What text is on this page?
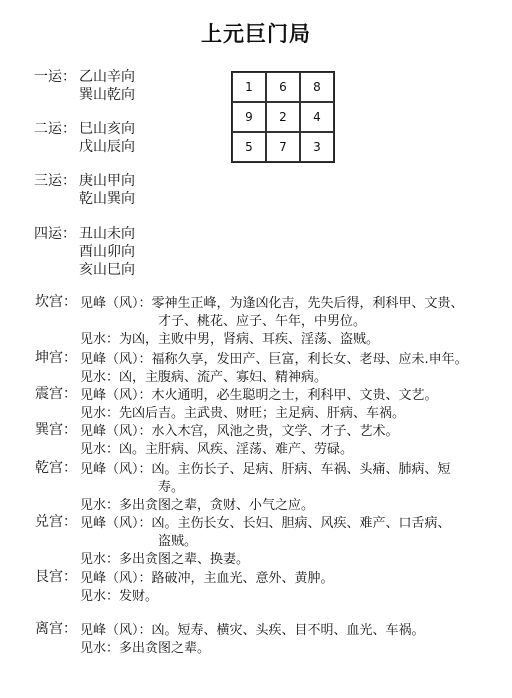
上元巨门局
一运： 乙山辛向
巽山乾向
二运： 巳山亥向
戊山辰向
三运： 庚山甲向
乾山巽向
四运： 丑山未向
酉山卯向
亥山巳向
1	6	8
9	2	4
5	7	3
坎宫： 见峰（风）：零神生正峰，为逢凶化吉，先失后得，利科甲、文贵、
才子、桃花、应子、午年，中男位。
见水：为凶，主败中男，肾病、耳疾、淫荡、盗贼。
坤宫： 见峰（风）：福称久享，发田产、巨富，利长女、老母、应未.申年。
见水：凶，主腹病、流产、寡妇、精神病。
震宫： 见峰（风）：木火通明，必生聪明之士，利科甲、文贵、文艺。
见水：先凶后吉。主武贵、财旺；主足病、肝病、车祸。
巽宫： 见峰（风）：水入木宫，风池之贵，文学、才子、艺术。
见水：凶。主肝病、风疾、淫荡、难产、劳碌。
乾宫： 见峰（风）：凶。主伤长子、足病、肝病、车祸、头痛、肺病、短
寿。
见水：多出贪图之辈，贪财、小气之应。
兑宫： 见峰（风）：凶。主伤长女、长妇、胆病、风疾、难产、口舌病、
盗贼。
见水：多出贪图之辈、换妻。
艮宫： 见峰（风）：路破冲，主血光、意外、黄肿。
见水：发财。
离宫： 见峰（风）：凶。短寿、横灾、头疾、目不明、血光、车祸。
见水：多出贪图之辈。
